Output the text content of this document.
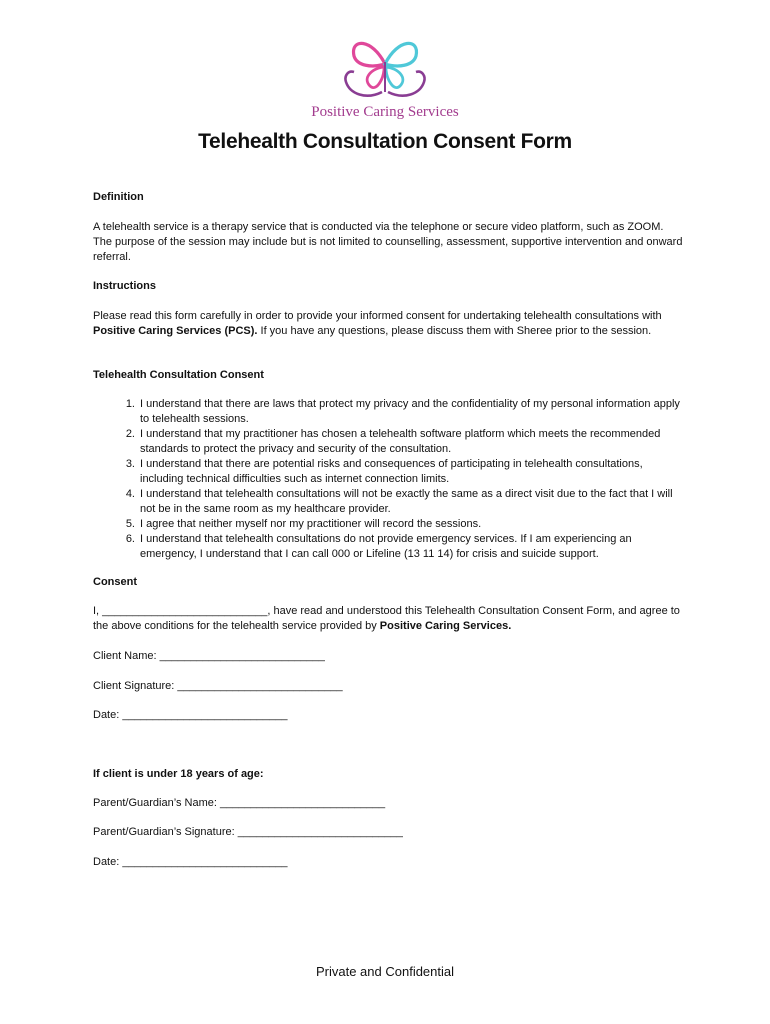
Positive Caring Services
Telehealth Consultation Consent Form

Definition

A telehealth service is a therapy service that is conducted via the telephone or secure video platform, such as ZOOM. The purpose of the session may include but is not limited to counselling, assessment, supportive intervention and onward referral.

Instructions

Please read this form carefully in order to provide your informed consent for undertaking telehealth consultations with Positive Caring Services (PCS). If you have any questions, please discuss them with Sheree prior to the session.

Telehealth Consultation Consent

1. I understand that there are laws that protect my privacy and the confidentiality of my personal information apply to telehealth sessions.
2. I understand that my practitioner has chosen a telehealth software platform which meets the recommended standards to protect the privacy and security of the consultation.
3. I understand that there are potential risks and consequences of participating in telehealth consultations, including technical difficulties such as internet connection limits.
4. I understand that telehealth consultations will not be exactly the same as a direct visit due to the fact that I will not be in the same room as my healthcare provider.
5. I agree that neither myself nor my practitioner will record the sessions.
6. I understand that telehealth consultations do not provide emergency services. If I am experiencing an emergency, I understand that I can call 000 or Lifeline (13 11 14) for crisis and suicide support.

Consent

I, ___________________________, have read and understood this Telehealth Consultation Consent Form, and agree to the above conditions for the telehealth service provided by Positive Caring Services.

Client Name: ___________________________

Client Signature: ___________________________

Date: ___________________________

If client is under 18 years of age:

Parent/Guardian’s Name: ___________________________

Parent/Guardian’s Signature: ___________________________

Date: ___________________________

Private and Confidential
